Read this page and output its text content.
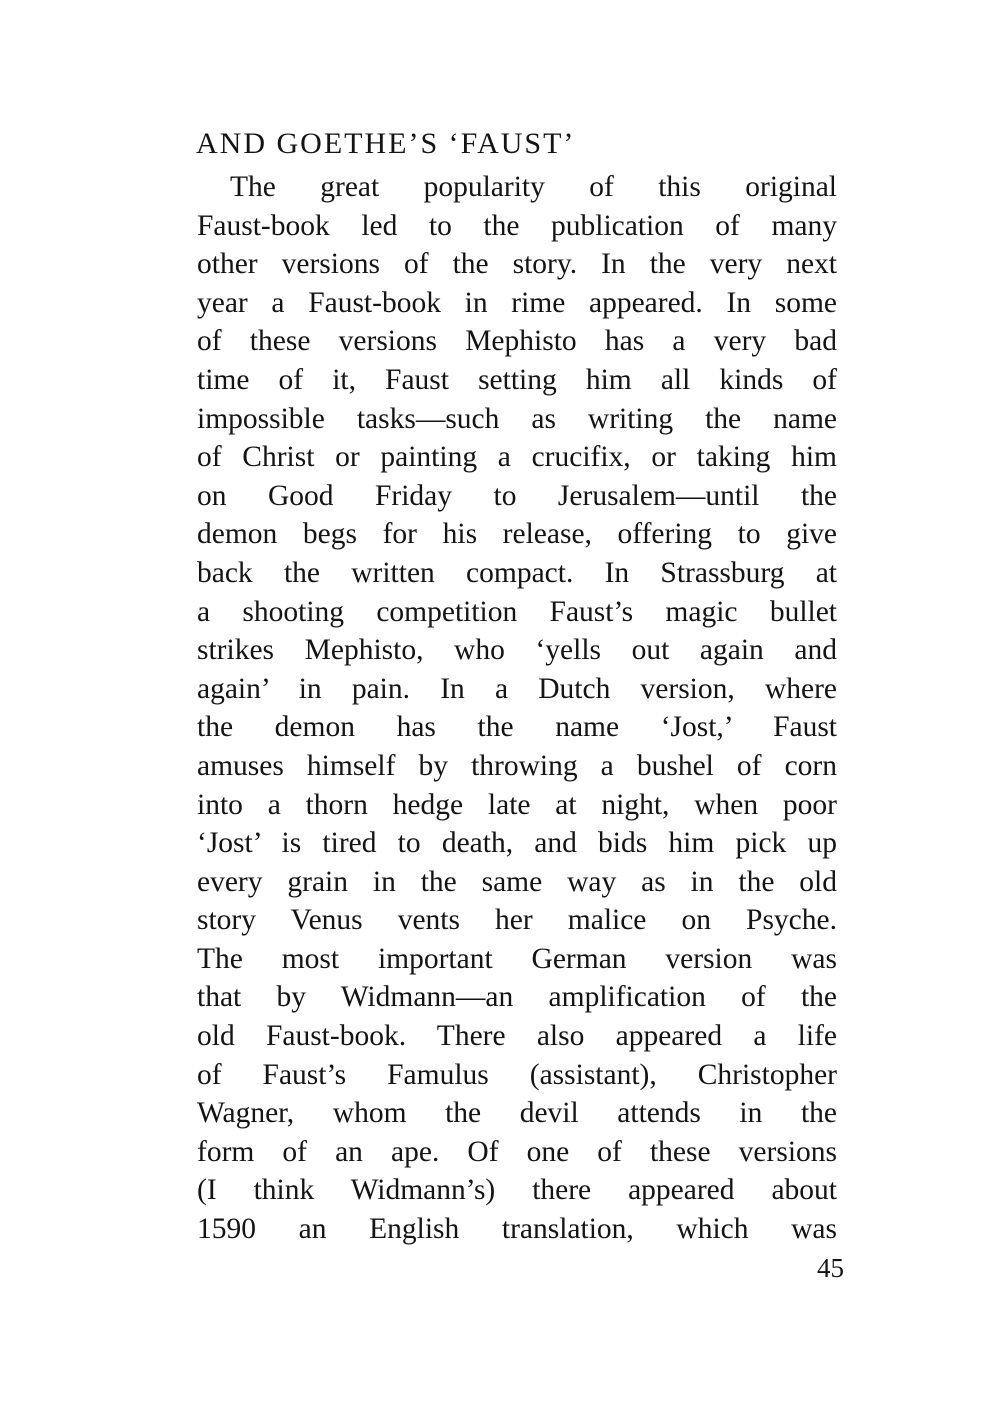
AND GOETHE’S ‘FAUST’
The great popularity of this original
Faust-book led to the publication of many
other versions of the story. In the very next
year a Faust-book in rime appeared. In some
of these versions Mephisto has a very bad
time of it, Faust setting him all kinds of
impossible tasks—such as writing the name
of Christ or painting a crucifix, or taking him
on Good Friday to Jerusalem—until the
demon begs for his release, offering to give
back the written compact. In Strassburg at
a shooting competition Faust’s magic bullet
strikes Mephisto, who ‘yells out again and
again’ in pain. In a Dutch version, where
the demon has the name ‘Jost,’ Faust
amuses himself by throwing a bushel of corn
into a thorn hedge late at night, when poor
‘Jost’ is tired to death, and bids him pick up
every grain in the same way as in the old
story Venus vents her malice on Psyche.
The most important German version was
that by Widmann—an amplification of the
old Faust-book. There also appeared a life
of Faust’s Famulus (assistant), Christopher
Wagner, whom the devil attends in the
form of an ape. Of one of these versions
(I think Widmann’s) there appeared about
1590 an English translation, which was
45
